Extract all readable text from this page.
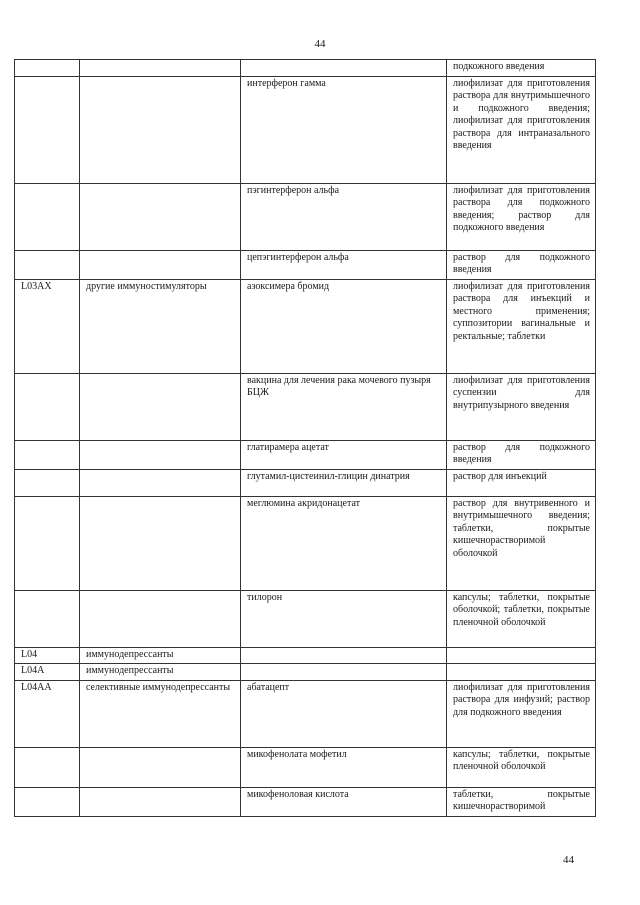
44
			подкожного введения
		интерферон гамма	лиофилизат для приготовления раствора для внутримышечного и подкожного введения; лиофилизат для приготовления раствора для интраназального введения
		пэгинтерферон альфа	лиофилизат для приготовления раствора для подкожного введения; раствор для подкожного введения
		цепэгинтерферон альфа	раствор для подкожного введения
L03AX	другие иммуностимуляторы	азоксимера бромид	лиофилизат для приготовления раствора для инъекций и местного применения; суппозитории вагинальные и ректальные; таблетки
		вакцина для лечения рака мочевого пузыря БЦЖ	лиофилизат для приготовления суспензии для внутрипузырного введения
		глатирамера ацетат	раствор для подкожного введения
		глутамил-цистеинил-глицин динатрия	раствор для инъекций
		меглюмина акридонацетат	раствор для внутривенного и внутримышечного введения; таблетки, покрытые кишечнорастворимой оболочкой
		тилорон	капсулы; таблетки, покрытые оболочкой; таблетки, покрытые пленочной оболочкой
L04	иммунодепрессанты		
L04A	иммунодепрессанты		
L04AA	селективные иммунодепрессанты	абатацепт	лиофилизат для приготовления раствора для инфузий; раствор для подкожного введения
		микофенолата мофетил	капсулы; таблетки, покрытые пленочной оболочкой
		микофеноловая кислота	таблетки, покрытые кишечнорастворимой
44
